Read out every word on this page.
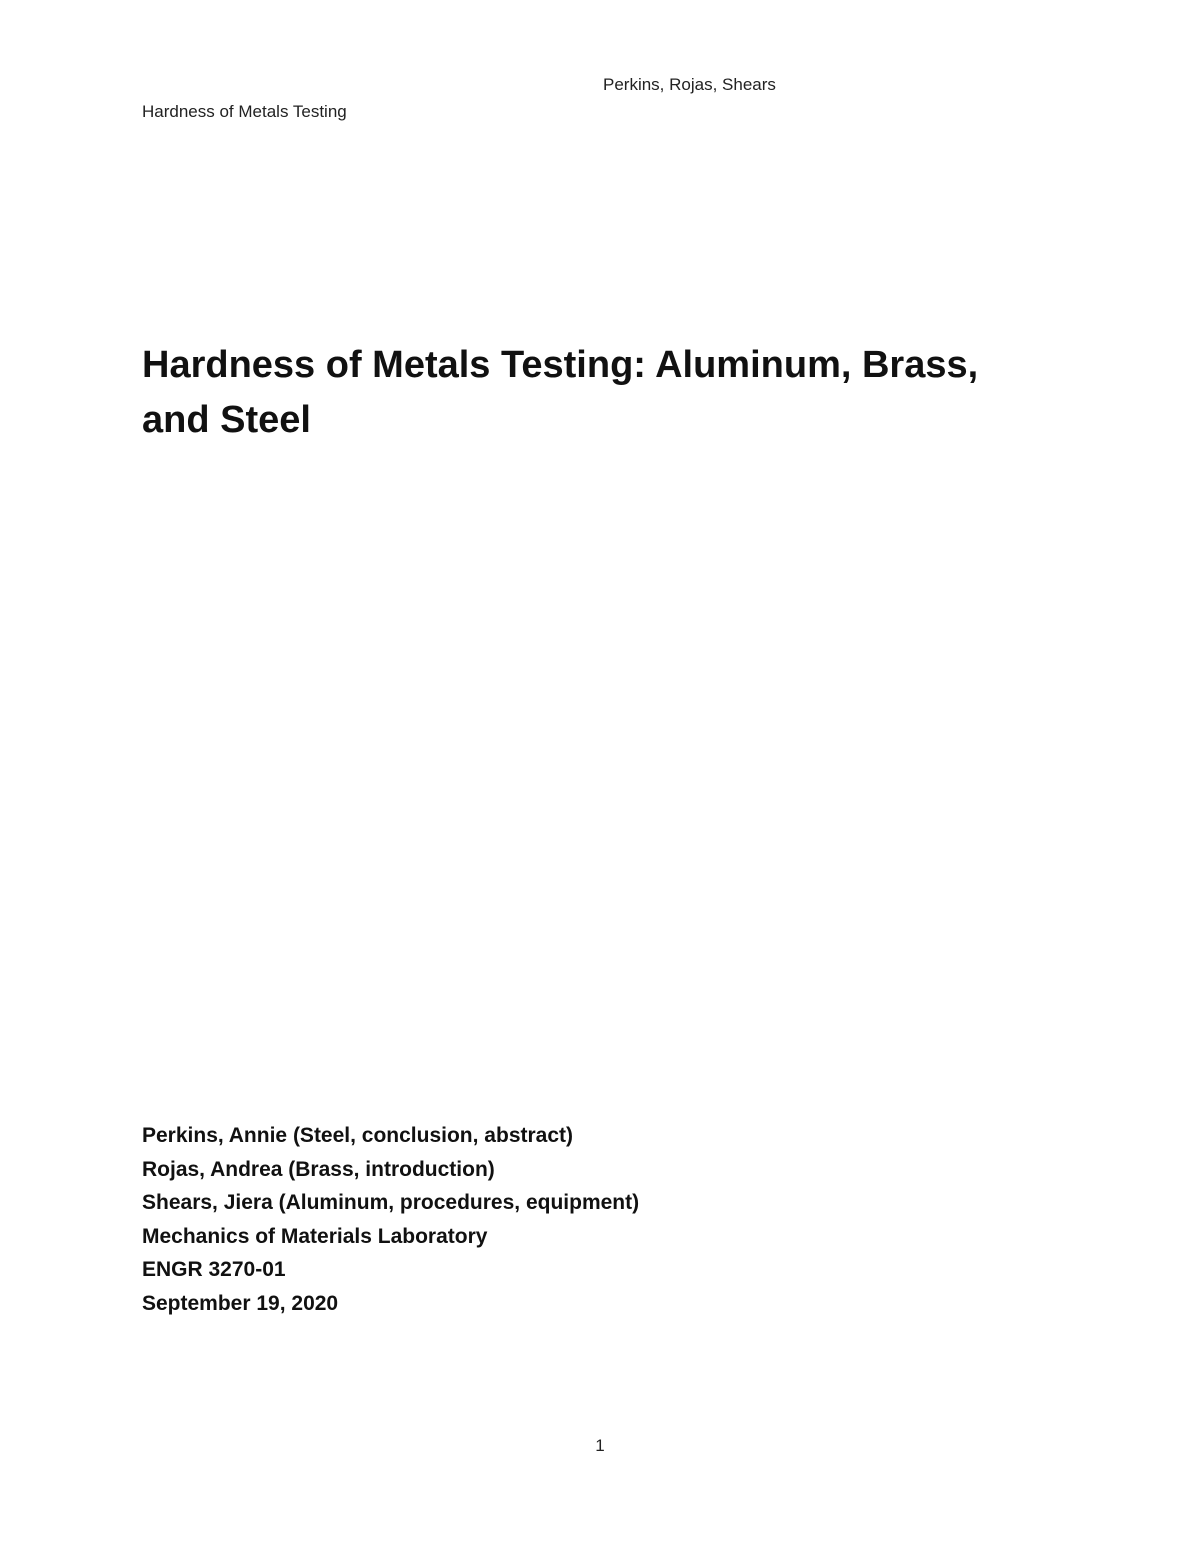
Perkins, Rojas, Shears
Hardness of Metals Testing
Hardness of Metals Testing: Aluminum, Brass,
and Steel
Perkins, Annie (Steel, conclusion, abstract)
Rojas, Andrea (Brass, introduction)
Shears, Jiera (Aluminum, procedures, equipment)
Mechanics of Materials Laboratory
ENGR 3270-01
September 19, 2020
1
